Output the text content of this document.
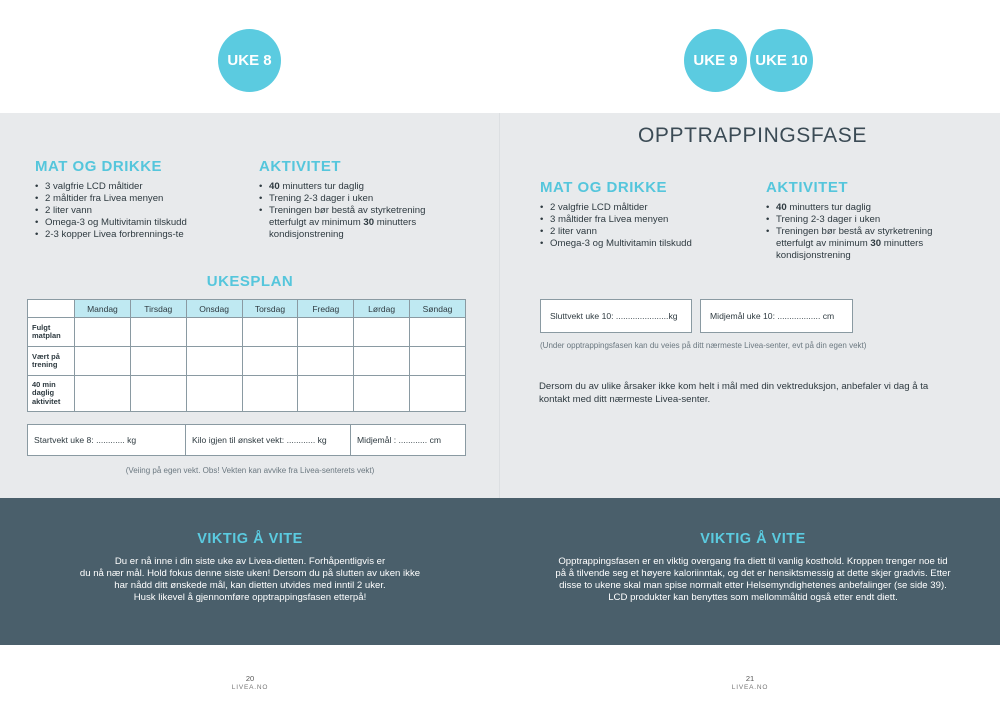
UKE 8
MAT OG DRIKKE
• 3 valgfrie LCD måltider
• 2 måltider fra Livea menyen
• 2 liter vann
• Omega-3 og Multivitamin tilskudd
• 2-3 kopper Livea forbrennings-te
AKTIVITET
• 40 minutters tur daglig
• Trening 2-3 dager i uken
• Treningen bør bestå av styrketrening etterfulgt av minimum 30 minutters kondisjonstrening
UKESPLAN
	Mandag	Tirsdag	Onsdag	Torsdag	Fredag	Lørdag	Søndag

Fulgt
matplan							

Vært på
trening							

40 min
daglig
aktivitet							

Startvekt uke 8: ............ kg	Kilo igjen til ønsket vekt: ............ kg	Midjemål : ............ cm
(Veiing på egen vekt. Obs! Vekten kan avvike fra Livea-senterets vekt)
VIKTIG Å VITE
Du er nå inne i din siste uke av Livea-dietten. Forhåpentligvis er
du nå nær mål. Hold fokus denne siste uken! Dersom du på slutten av uken ikke
har nådd ditt ønskede mål, kan dietten utvides med inntil 2 uker.
Husk likevel å gjennomføre opptrappingsfasen etterpå!
20
LIVEA.NO
UKE 9	UKE 10
OPPTRAPPINGSFASE
MAT OG DRIKKE
• 2 valgfrie LCD måltider
• 3 måltider fra Livea menyen
• 2 liter vann
• Omega-3 og Multivitamin tilskudd
AKTIVITET
• 40 minutters tur daglig
• Trening 2-3 dager i uken
• Treningen bør bestå av styrketrening etterfulgt av minimum 30 minutters kondisjonstrening
Sluttvekt uke 10: ......................kg	Midjemål uke 10: .................. cm
(Under opptrappingsfasen kan du veies på ditt nærmeste Livea-senter, evt på din egen vekt)
Dersom du av ulike årsaker ikke kom helt i mål med din vektreduksjon, anbefaler vi dag å ta kontakt med ditt nærmeste Livea-senter.
VIKTIG Å VITE
Opptrappingsfasen er en viktig overgang fra diett til vanlig kosthold. Kroppen trenger noe tid
på å tilvende seg et høyere kaloriinntak, og det er hensiktsmessig at dette skjer gradvis. Etter
disse to ukene skal man spise normalt etter Helsemyndighetenes anbefalinger (se side 39).
LCD produkter kan benyttes som mellommåltid også etter endt diett.
21
LIVEA.NO
